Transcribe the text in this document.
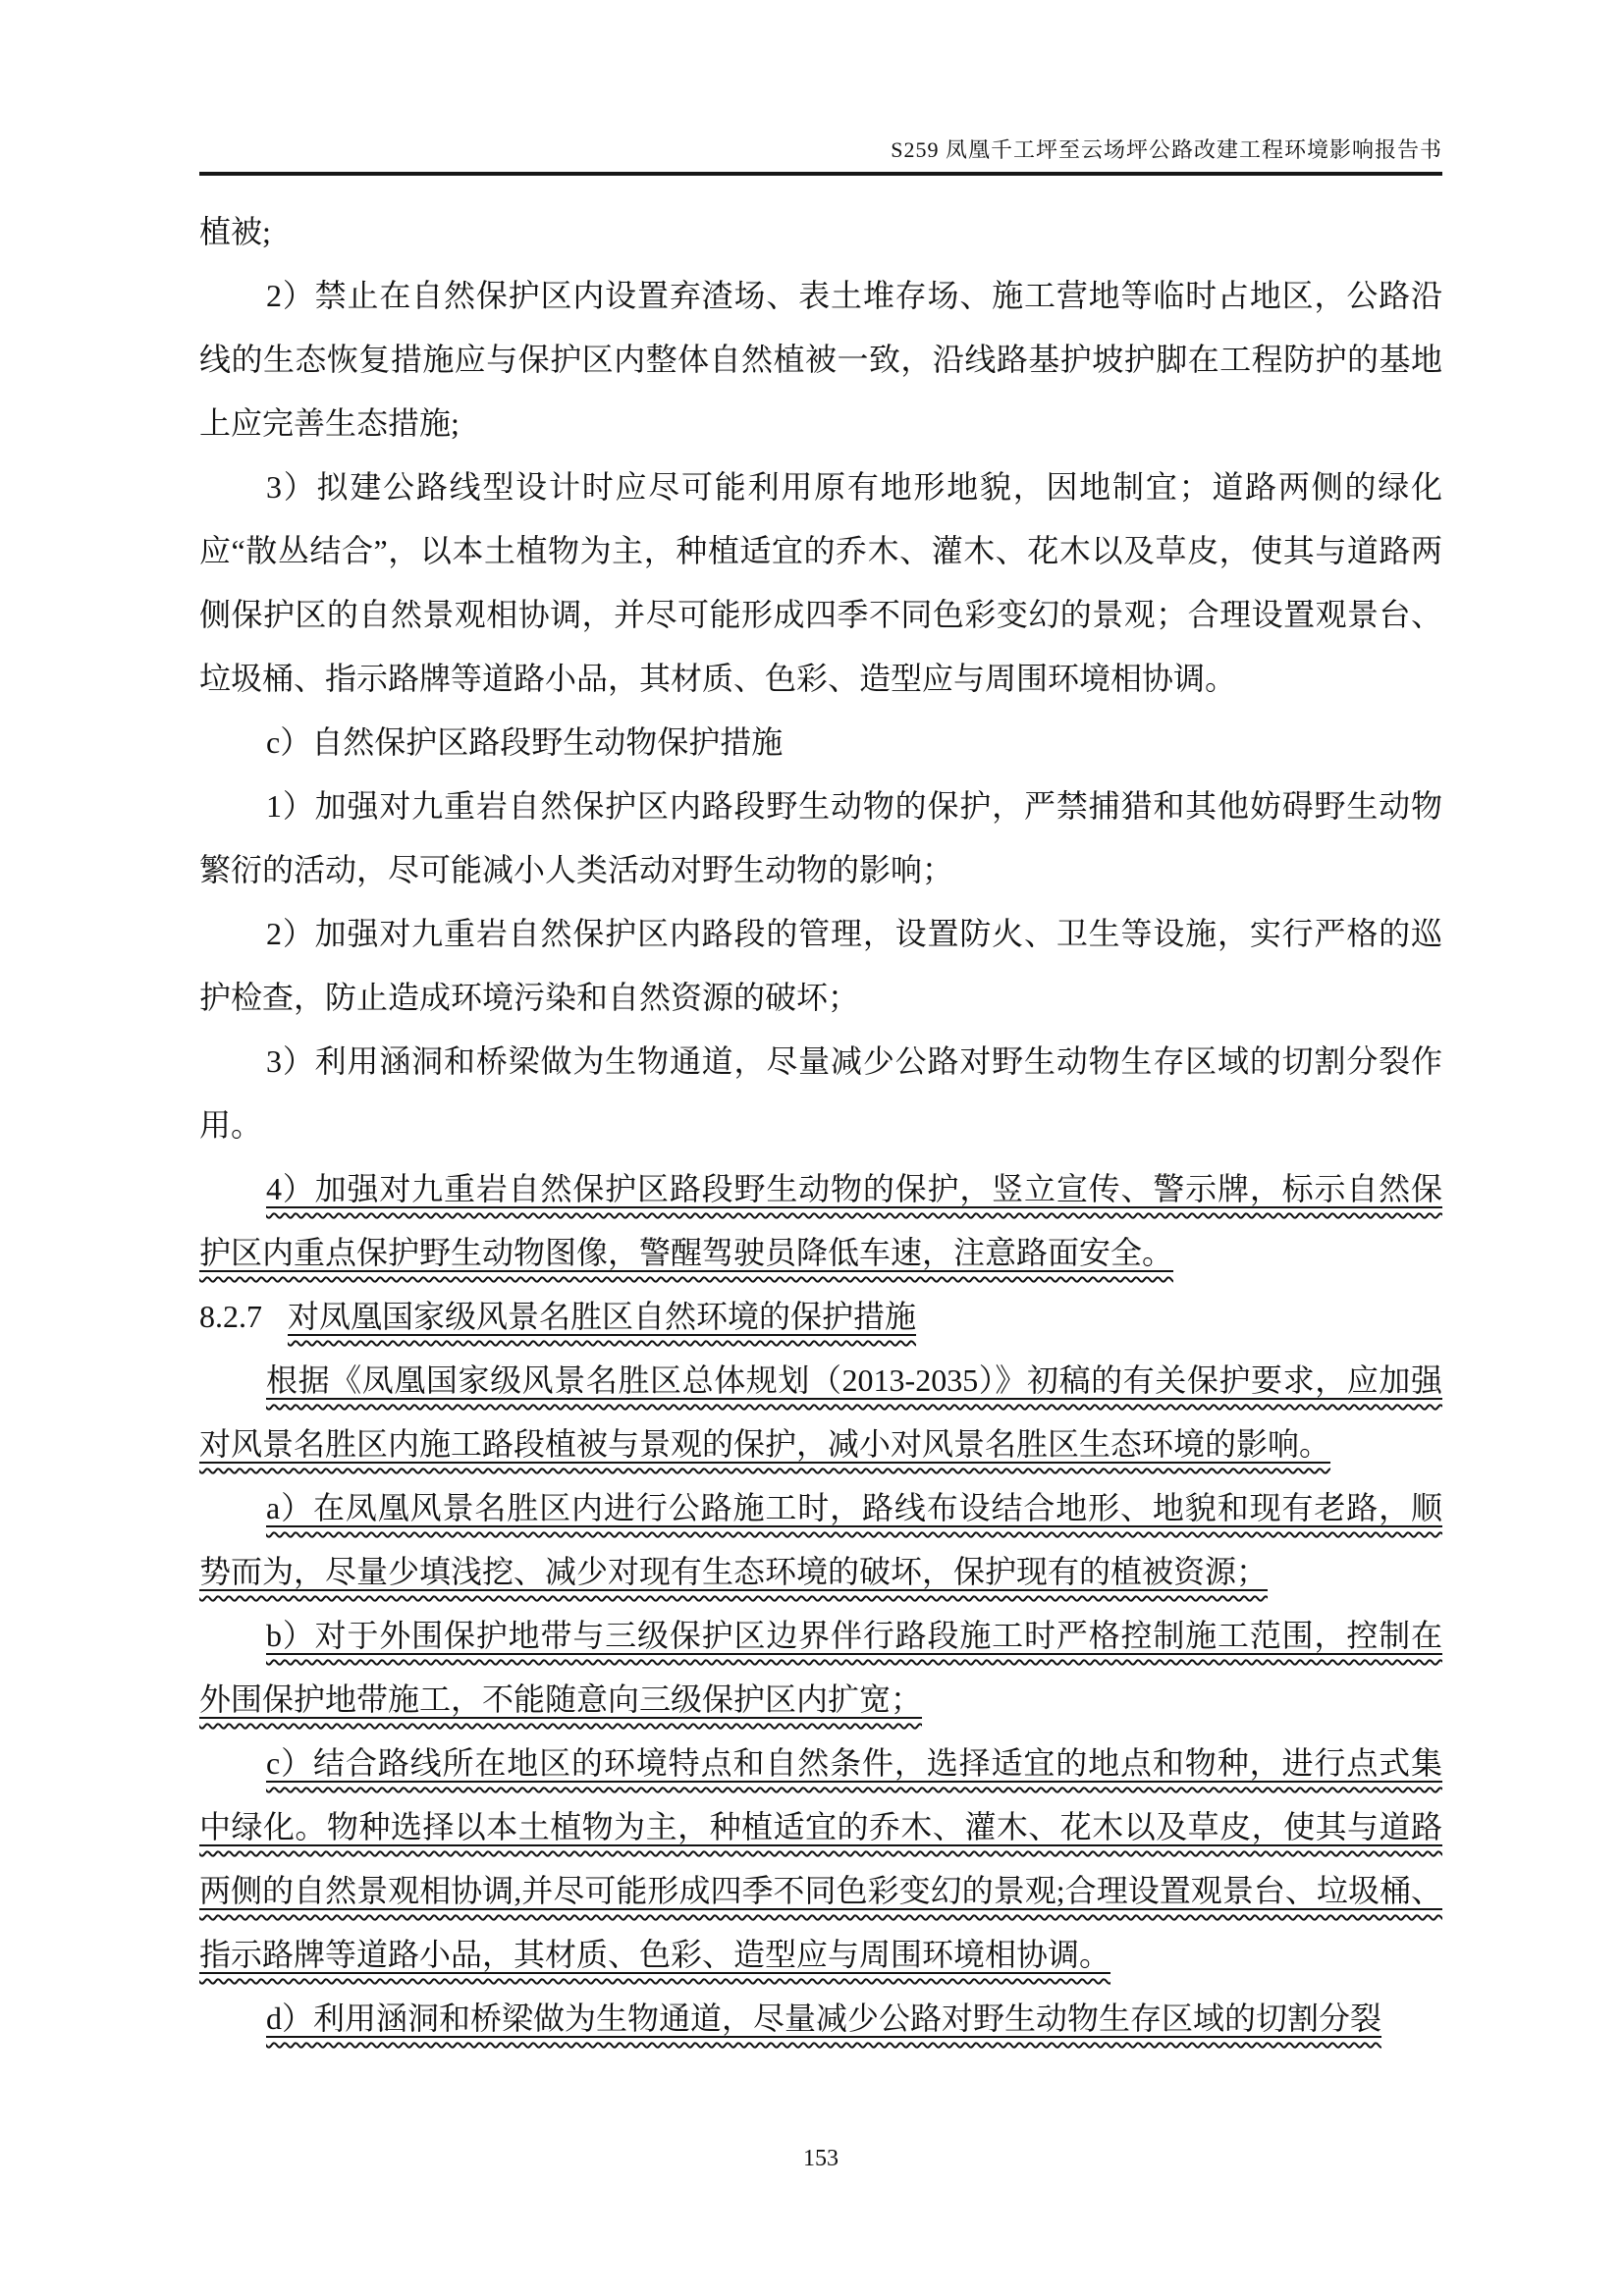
S259 凤凰千工坪至云场坪公路改建工程环境影响报告书

植被;

2）禁止在自然保护区内设置弃渣场、表土堆存场、施工营地等临时占地区，公路沿线的生态恢复措施应与保护区内整体自然植被一致，沿线路基护坡护脚在工程防护的基地上应完善生态措施;

3）拟建公路线型设计时应尽可能利用原有地形地貌，因地制宜；道路两侧的绿化应“散丛结合”，以本土植物为主，种植适宜的乔木、灌木、花木以及草皮，使其与道路两侧保护区的自然景观相协调，并尽可能形成四季不同色彩变幻的景观；合理设置观景台、垃圾桶、指示路牌等道路小品，其材质、色彩、造型应与周围环境相协调。

c）自然保护区路段野生动物保护措施

1）加强对九重岩自然保护区内路段野生动物的保护，严禁捕猎和其他妨碍野生动物繁衍的活动，尽可能减小人类活动对野生动物的影响；

2）加强对九重岩自然保护区内路段的管理，设置防火、卫生等设施，实行严格的巡护检查，防止造成环境污染和自然资源的破坏；

3）利用涵洞和桥梁做为生物通道，尽量减少公路对野生动物生存区域的切割分裂作用。

4）加强对九重岩自然保护区路段野生动物的保护，竖立宣传、警示牌，标示自然保护区内重点保护野生动物图像，警醒驾驶员降低车速，注意路面安全。

8.2.7 对凤凰国家级风景名胜区自然环境的保护措施

根据《凤凰国家级风景名胜区总体规划（2013-2035）》初稿的有关保护要求，应加强对风景名胜区内施工路段植被与景观的保护，减小对风景名胜区生态环境的影响。

a）在凤凰风景名胜区内进行公路施工时，路线布设结合地形、地貌和现有老路，顺势而为，尽量少填浅挖、减少对现有生态环境的破坏，保护现有的植被资源；

b）对于外围保护地带与三级保护区边界伴行路段施工时严格控制施工范围，控制在外围保护地带施工，不能随意向三级保护区内扩宽；

c）结合路线所在地区的环境特点和自然条件，选择适宜的地点和物种，进行点式集中绿化。物种选择以本土植物为主，种植适宜的乔木、灌木、花木以及草皮，使其与道路两侧的自然景观相协调,并尽可能形成四季不同色彩变幻的景观;合理设置观景台、垃圾桶、指示路牌等道路小品，其材质、色彩、造型应与周围环境相协调。

d）利用涵洞和桥梁做为生物通道，尽量减少公路对野生动物生存区域的切割分裂

153
